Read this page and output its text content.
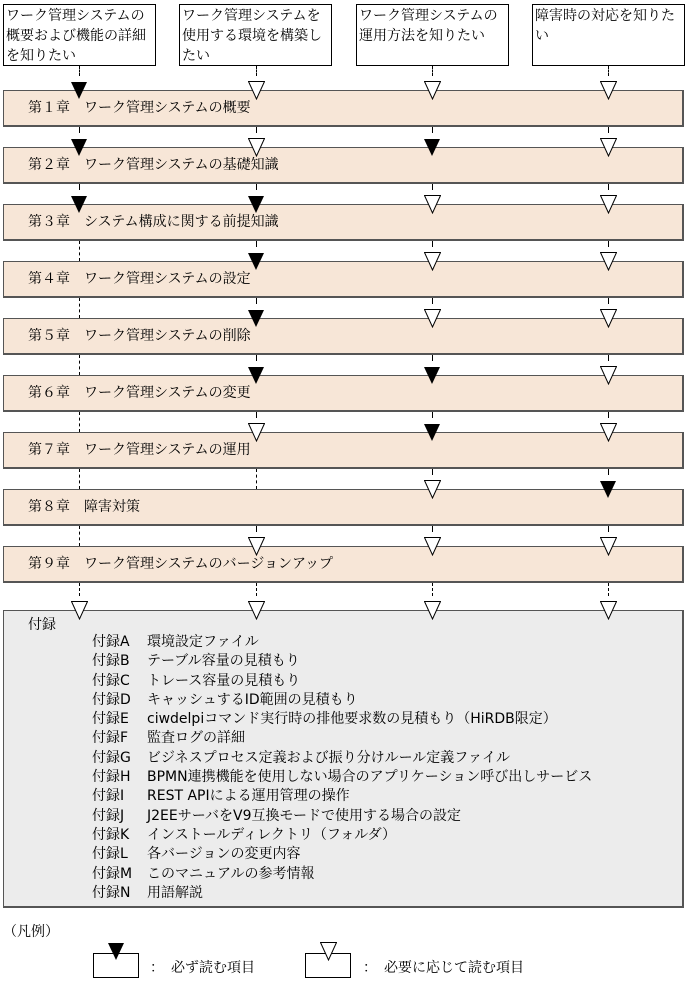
ワーク管理システムの概要および機能の詳細を知りたい
ワーク管理システムを使用する環境を構築したい
ワーク管理システムの運用方法を知りたい
障害時の対応を知りたい
第１章　ワーク管理システムの概要
第２章　ワーク管理システムの基礎知識
第３章　システム構成に関する前提知識
第４章　ワーク管理システムの設定
第５章　ワーク管理システムの削除
第６章　ワーク管理システムの変更
第７章　ワーク管理システムの運用
第８章　障害対策
第９章　ワーク管理システムのバージョンアップ
付録
付録A 環境設定ファイル
付録B テーブル容量の見積もり
付録C トレース容量の見積もり
付録D キャッシュするID範囲の見積もり
付録E ciwdelpiコマンド実行時の排他要求数の見積もり（HiRDB限定）
付録F 監査ログの詳細
付録G ビジネスプロセス定義および振り分けルール定義ファイル
付録H BPMN連携機能を使用しない場合のアプリケーション呼び出しサービス
付録I REST APIによる運用管理の操作
付録J J2EEサーバをV9互換モードで使用する場合の設定
付録K インストールディレクトリ（フォルダ）
付録L 各バージョンの変更内容
付録M このマニュアルの参考情報
付録N 用語解説
（凡例）
：　必ず読む項目	：　必要に応じて読む項目
